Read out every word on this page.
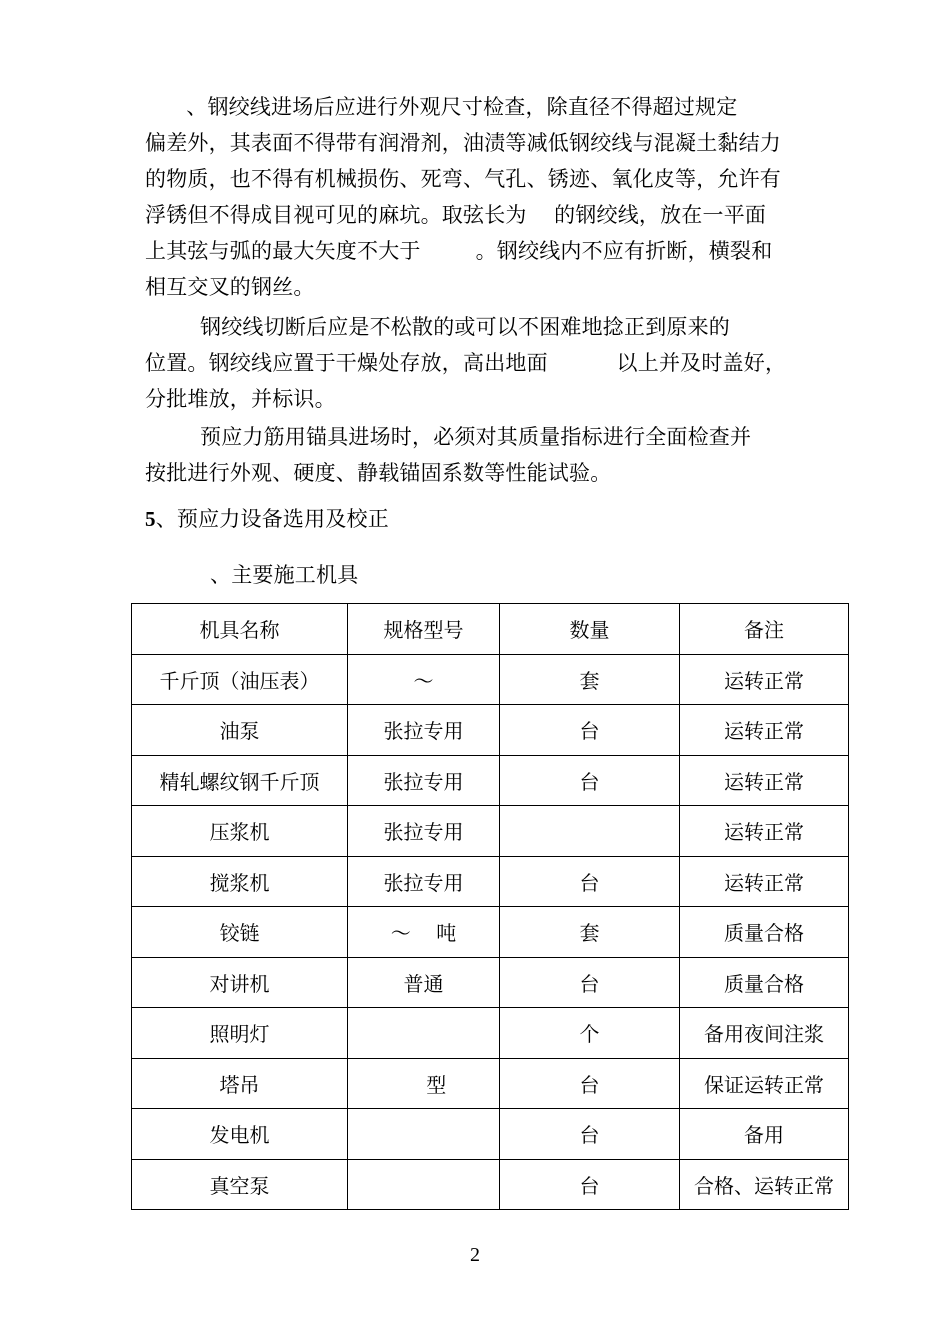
、钢绞线进场后应进行外观尺寸检查，除直径不得超过规定
偏差外，其表面不得带有润滑剂，油渍等减低钢绞线与混凝土黏结力
的物质，也不得有机械损伤、死弯、气孔、锈迹、氧化皮等，允许有
浮锈但不得成目视可见的麻坑。取弦长为    的钢绞线，放在一平面
上其弦与弧的最大矢度不大于        。钢绞线内不应有折断，横裂和
相互交叉的钢丝。
钢绞线切断后应是不松散的或可以不困难地捻正到原来的
位置。钢绞线应置于干燥处存放，高出地面          以上并及时盖好，
分批堆放，并标识。
预应力筋用锚具进场时，必须对其质量指标进行全面检查并
按批进行外观、硬度、静载锚固系数等性能试验。
5、预应力设备选用及校正
、主要施工机具
机具名称	规格型号	数量	备注
千斤顶（油压表）	～	套	运转正常
油泵	张拉专用	台	运转正常
精轧螺纹钢千斤顶	张拉专用	台	运转正常
压浆机	张拉专用		运转正常
搅浆机	张拉专用	台	运转正常
铰链	～    吨	套	质量合格
对讲机	普通	台	质量合格
照明灯		个	备用夜间注浆
塔吊	型	台	保证运转正常
发电机		台	备用
真空泵		台	合格、运转正常
2
